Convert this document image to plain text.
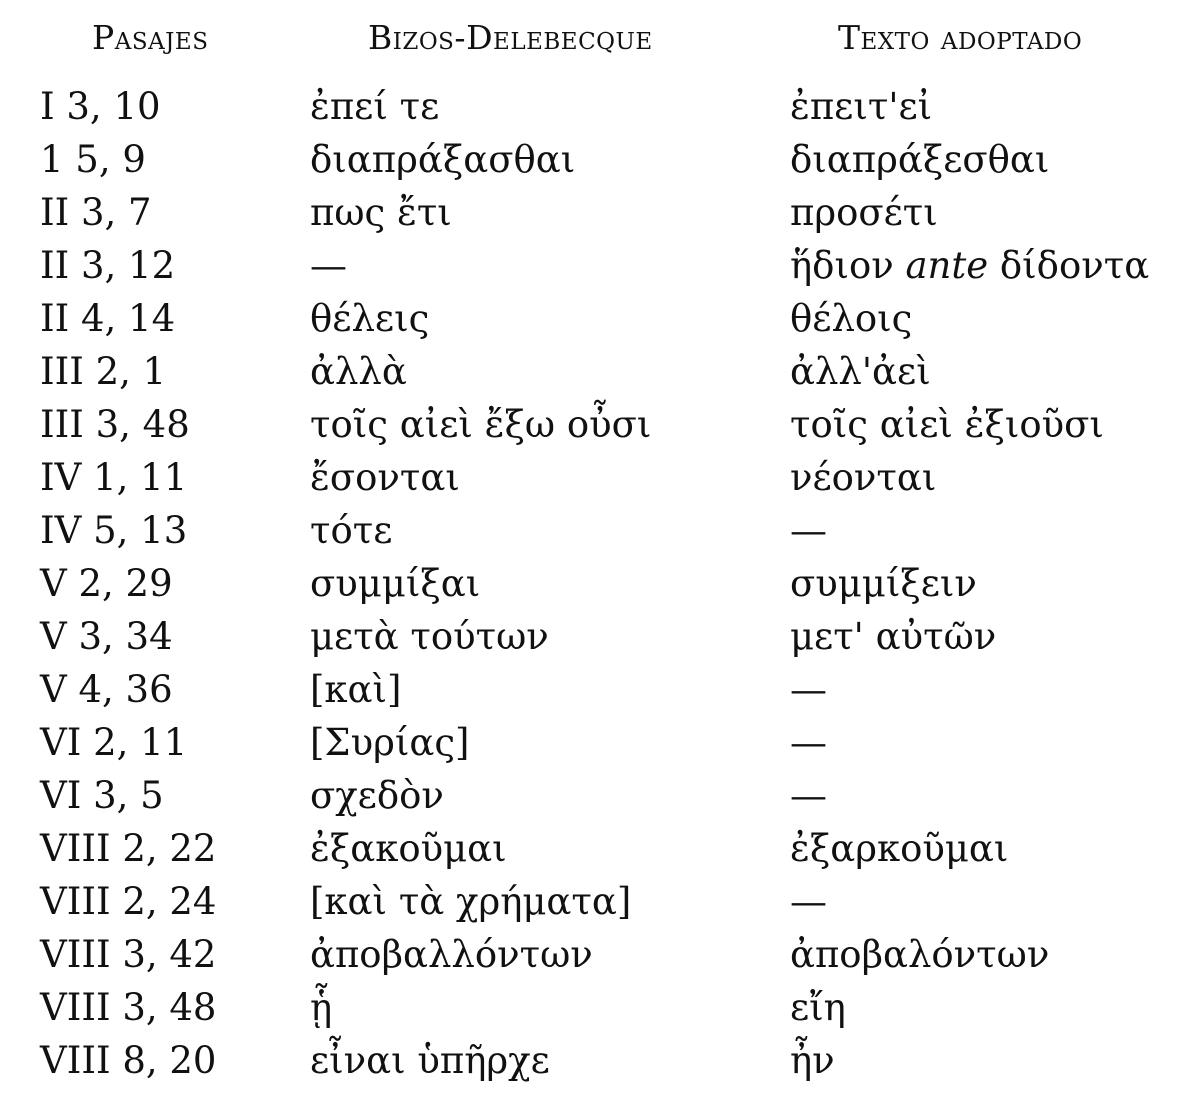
Pasajes	Bizos-Delebecque	Texto adoptado
I 3, 10	ἐπεί τε	ἐπειτ'εἰ
1 5, 9	διαπράξασθαι	διαπράξεσθαι
II 3, 7	πως ἔτι	προσέτι
II 3, 12	—	ἥδιον ante δίδοντα
II 4, 14	θέλεις	θέλοις
III 2, 1	ἀλλὰ	ἀλλ'ἀεὶ
III 3, 48	τοῖς αἰεὶ ἔξω οὖσι	τοῖς αἰεὶ ἐξιοῦσι
IV 1, 11	ἔσονται	νέονται
IV 5, 13	τότε	—
V 2, 29	συμμίξαι	συμμίξειν
V 3, 34	μετὰ τούτων	μετ' αὐτῶν
V 4, 36	[καὶ]	—
VI 2, 11	[Συρίας]	—
VI 3, 5	σχεδὸν	—
VIII 2, 22	ἐξακοῦμαι	ἐξαρκοῦμαι
VIII 2, 24	[καὶ τὰ χρήματα]	—
VIII 3, 42	ἀποβαλλόντων	ἀποβαλόντων
VIII 3, 48	ᾗ	εἴη
VIII 8, 20	εἶναι ὑπῆρχε	ἦν
